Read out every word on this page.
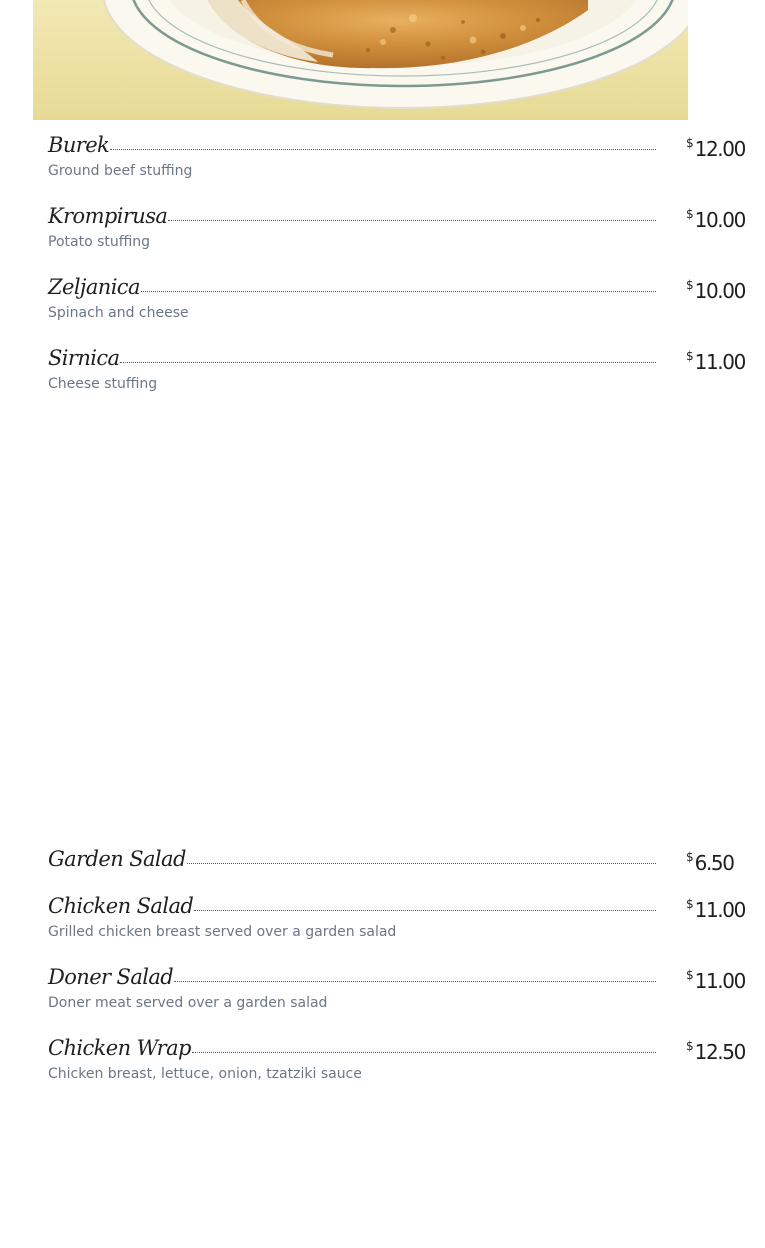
Burek	$12.00
Ground beef stuffing
Krompirusa	$10.00
Potato stuffing
Zeljanica	$10.00
Spinach and cheese
Sirnica	$11.00
Cheese stuffing
Garden Salad	$6.50
Chicken Salad	$11.00
Grilled chicken breast served over a garden salad
Doner Salad	$11.00
Doner meat served over a garden salad
Chicken Wrap	$12.50
Chicken breast, lettuce, onion, tzatziki sauce
